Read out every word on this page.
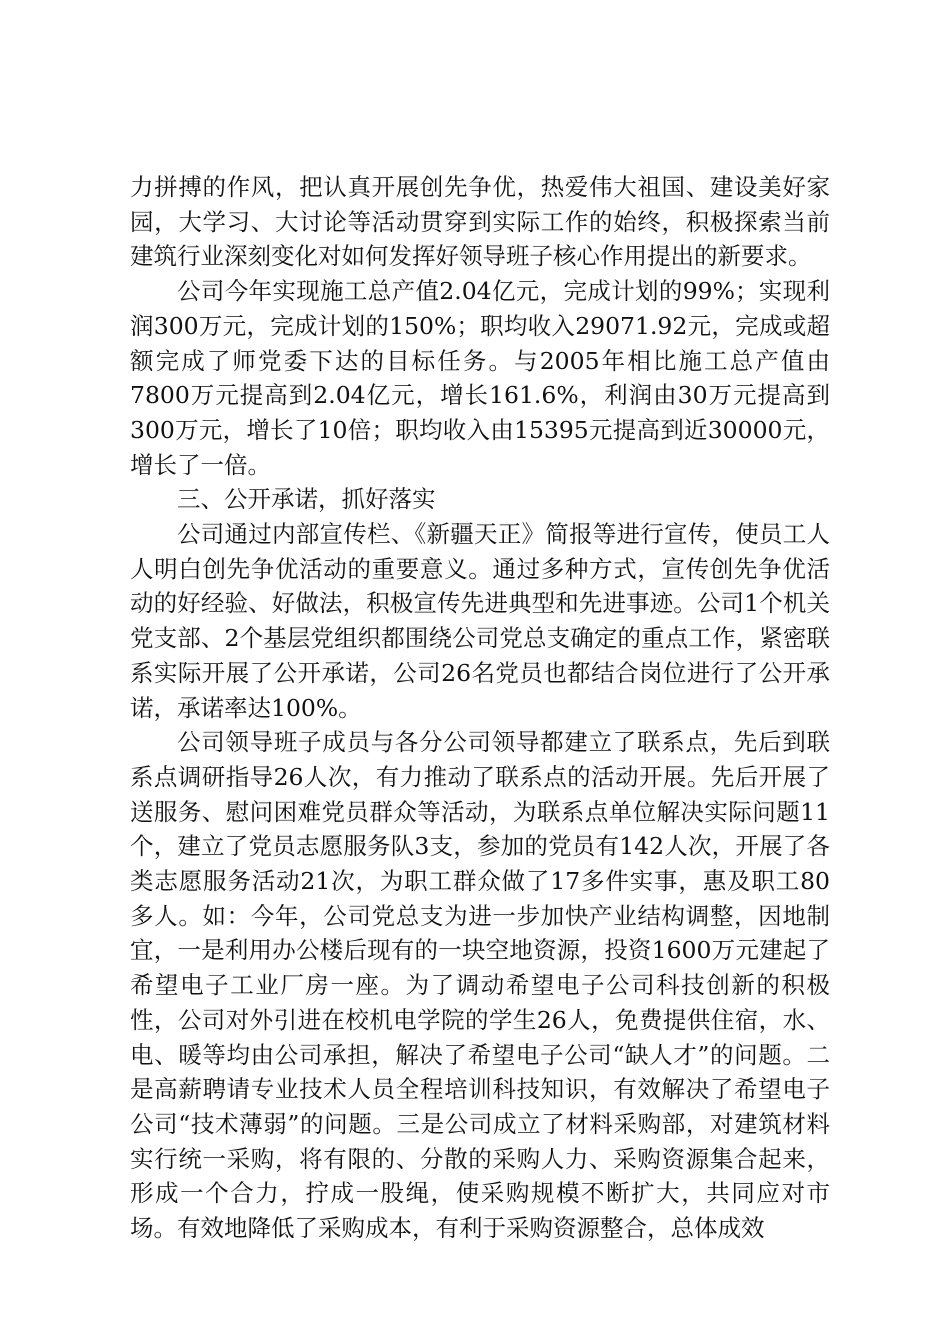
力拼搏的作风，把认真开展创先争优，热爱伟大祖国、建设美好家园，大学习、大讨论等活动贯穿到实际工作的始终，积极探索当前建筑行业深刻变化对如何发挥好领导班子核心作用提出的新要求。

公司今年实现施工总产值2.04亿元，完成计划的99%；实现利润300万元，完成计划的150%；职均收入29071.92元，完成或超额完成了师党委下达的目标任务。与2005年相比施工总产值由7800万元提高到2.04亿元，增长161.6%，利润由30万元提高到300万元，增长了10倍；职均收入由15395元提高到近30000元，增长了一倍。

三、公开承诺，抓好落实

公司通过内部宣传栏、《新疆天正》简报等进行宣传，使员工人人明白创先争优活动的重要意义。通过多种方式，宣传创先争优活动的好经验、好做法，积极宣传先进典型和先进事迹。公司1个机关党支部、2个基层党组织都围绕公司党总支确定的重点工作，紧密联系实际开展了公开承诺，公司26名党员也都结合岗位进行了公开承诺，承诺率达100%。

公司领导班子成员与各分公司领导都建立了联系点，先后到联系点调研指导26人次，有力推动了联系点的活动开展。先后开展了送服务、慰问困难党员群众等活动，为联系点单位解决实际问题11个，建立了党员志愿服务队3支，参加的党员有142人次，开展了各类志愿服务活动21次，为职工群众做了17多件实事，惠及职工80多人。如：今年，公司党总支为进一步加快产业结构调整，因地制宜，一是利用办公楼后现有的一块空地资源，投资1600万元建起了希望电子工业厂房一座。为了调动希望电子公司科技创新的积极性，公司对外引进在校机电学院的学生26人，免费提供住宿，水、电、暖等均由公司承担，解决了希望电子公司“缺人才”的问题。二是高薪聘请专业技术人员全程培训科技知识，有效解决了希望电子公司“技术薄弱”的问题。三是公司成立了材料采购部，对建筑材料实行统一采购，将有限的、分散的采购人力、采购资源集合起来，形成一个合力，拧成一股绳，使采购规模不断扩大，共同应对市场。有效地降低了采购成本，有利于采购资源整合，总体成效
